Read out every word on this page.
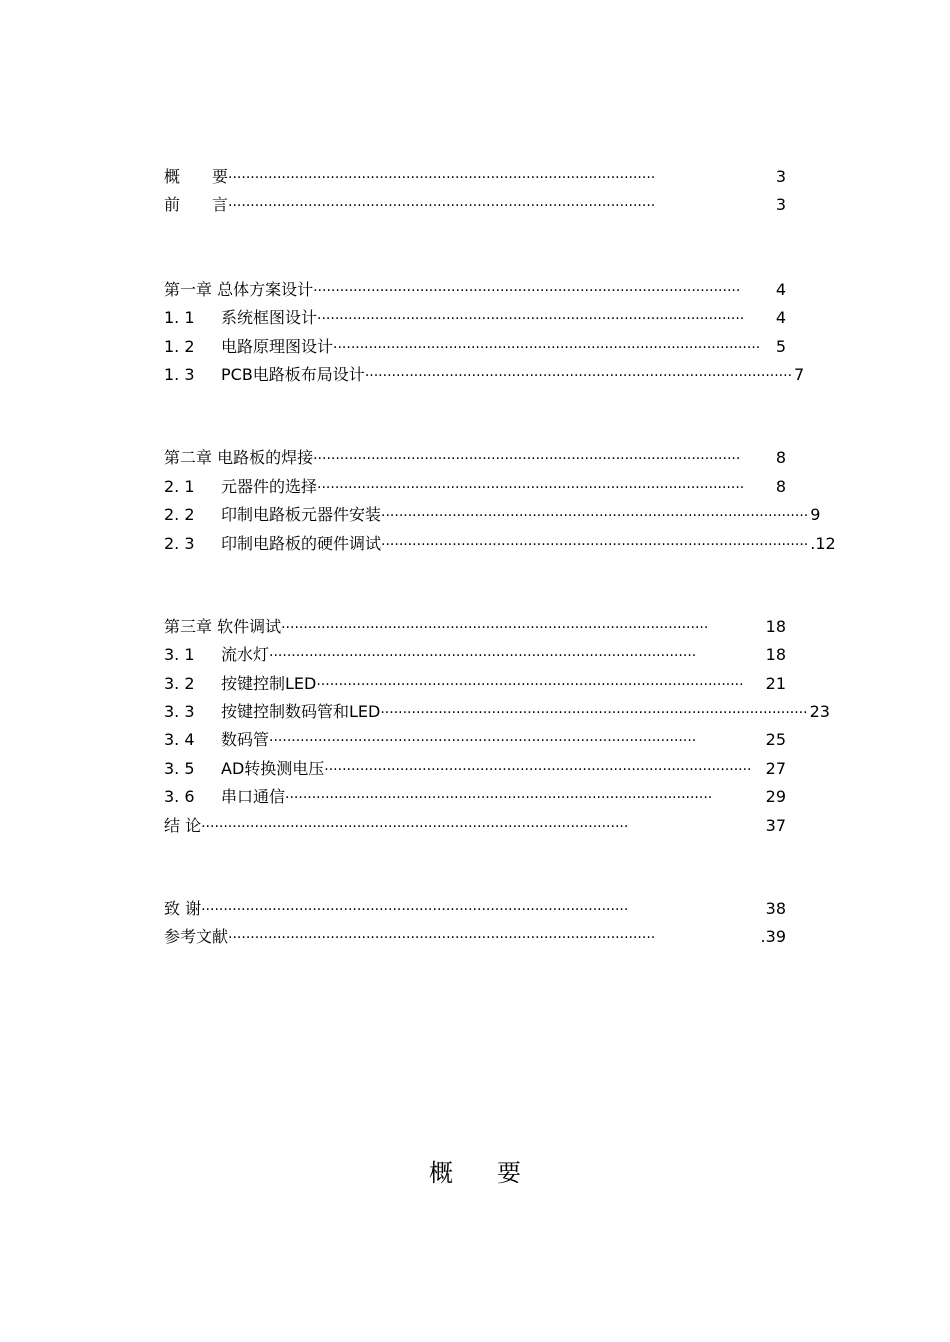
概　　要 ································································································	3
前　　言 ································································································	3
第一章 总体方案设计 ································································································	4
1. 1 系统框图设计 ································································································	4
1. 2 电路原理图设计 ································································································ 5
1. 3 PCB电路板布局设计 ································································································ 7
第二章 电路板的焊接 ································································································	8
2. 1 元器件的选择 ································································································	8
2. 2 印制电路板元器件安装 ································································································ 9
2. 3 印制电路板的硬件调试 ································································································ .12
第三章 软件调试 ································································································	18
3. 1 流水灯 ································································································	18
3. 2 按键控制LED ································································································	21
3. 3 按键控制数码管和LED ································································································ 23
3. 4 数码管 ································································································	25
3. 5 AD转换测电压 ································································································ 27
3. 6 串口通信 ································································································	29
结 论 ································································································	37
致 谢 ································································································	38
参考文献 ································································································	.39
概要
